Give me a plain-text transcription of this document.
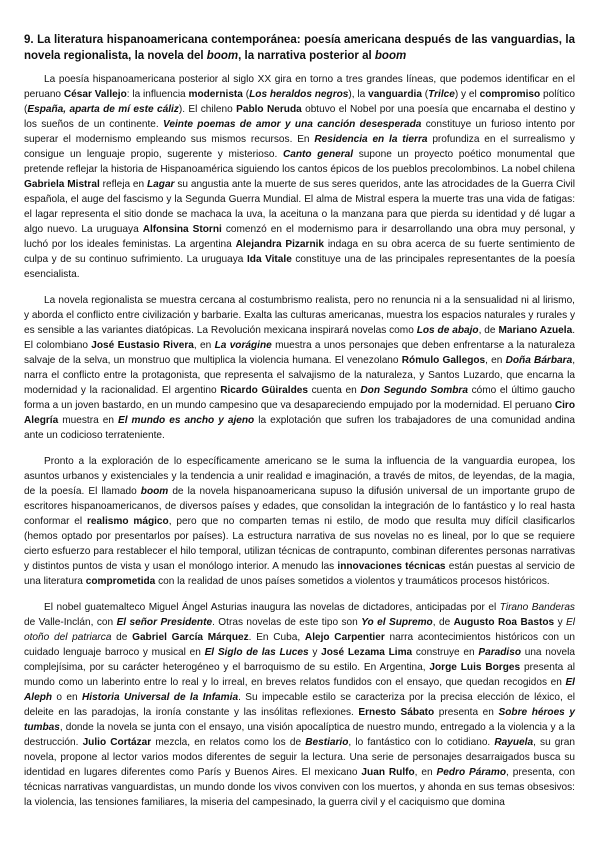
9. La literatura hispanoamericana contemporánea: poesía americana después de las vanguardias, la novela regionalista, la novela del boom, la narrativa posterior al boom

La poesía hispanoamericana posterior al siglo XX gira en torno a tres grandes líneas, que podemos identificar en el peruano César Vallejo: la influencia modernista (Los heraldos negros), la vanguardia (Trilce) y el compromiso político (España, aparta de mí este cáliz). El chileno Pablo Neruda obtuvo el Nobel por una poesía que encarnaba el destino y los sueños de un continente. Veinte poemas de amor y una canción desesperada constituye un furioso intento por superar el modernismo empleando sus mismos recursos. En Residencia en la tierra profundiza en el surrealismo y consigue un lenguaje propio, sugerente y misterioso. Canto general supone un proyecto poético monumental que pretende reflejar la historia de Hispanoamérica siguiendo los cantos épicos de los pueblos precolombinos. La nobel chilena Gabriela Mistral refleja en Lagar su angustia ante la muerte de sus seres queridos, ante las atrocidades de la Guerra Civil española, el auge del fascismo y la Segunda Guerra Mundial. El alma de Mistral espera la muerte tras una vida de fatigas: el lagar representa el sitio donde se machaca la uva, la aceituna o la manzana para que pierda su identidad y dé lugar a algo nuevo. La uruguaya Alfonsina Storni comenzó en el modernismo para ir desarrollando una obra muy personal, y luchó por los ideales feministas. La argentina Alejandra Pizarnik indaga en su obra acerca de su fuerte sentimiento de culpa y de su continuo sufrimiento. La uruguaya Ida Vitale constituye una de las principales representantes de la poesía esencialista.

La novela regionalista se muestra cercana al costumbrismo realista, pero no renuncia ni a la sensualidad ni al lirismo, y aborda el conflicto entre civilización y barbarie. Exalta las culturas americanas, muestra los espacios naturales y rurales y es sensible a las variantes diatópicas. La Revolución mexicana inspirará novelas como Los de abajo, de Mariano Azuela. El colombiano José Eustasio Rivera, en La vorágine muestra a unos personajes que deben enfrentarse a la naturaleza salvaje de la selva, un monstruo que multiplica la violencia humana. El venezolano Rómulo Gallegos, en Doña Bárbara, narra el conflicto entre la protagonista, que representa el salvajismo de la naturaleza, y Santos Luzardo, que encarna la modernidad y la racionalidad. El argentino Ricardo Güiraldes cuenta en Don Segundo Sombra cómo el último gaucho forma a un joven bastardo, en un mundo campesino que va desapareciendo empujado por la modernidad. El peruano Ciro Alegría muestra en El mundo es ancho y ajeno la explotación que sufren los trabajadores de una comunidad andina ante un codicioso terrateniente.

Pronto a la exploración de lo específicamente americano se le suma la influencia de la vanguardia europea, los asuntos urbanos y existenciales y la tendencia a unir realidad e imaginación, a través de mitos, de leyendas, de la magia, de la poesía. El llamado boom de la novela hispanoamericana supuso la difusión universal de un importante grupo de escritores hispanoamericanos, de diversos países y edades, que consolidan la integración de lo fantástico y lo real hasta conformar el realismo mágico, pero que no comparten temas ni estilo, de modo que resulta muy difícil clasificarlos (hemos optado por presentarlos por países). La estructura narrativa de sus novelas no es lineal, por lo que se requiere cierto esfuerzo para restablecer el hilo temporal, utilizan técnicas de contrapunto, combinan diferentes personas narrativas y distintos puntos de vista y usan el monólogo interior. A menudo las innovaciones técnicas están puestas al servicio de una literatura comprometida con la realidad de unos países sometidos a violentos y traumáticos procesos históricos.

El nobel guatemalteco Miguel Ángel Asturias inaugura las novelas de dictadores, anticipadas por el Tirano Banderas de Valle-Inclán, con El señor Presidente. Otras novelas de este tipo son Yo el Supremo, de Augusto Roa Bastos y El otoño del patriarca de Gabriel García Márquez. En Cuba, Alejo Carpentier narra acontecimientos históricos con un cuidado lenguaje barroco y musical en El Siglo de las Luces y José Lezama Lima construye en Paradiso una novela complejísima, por su carácter heterogéneo y el barroquismo de su estilo. En Argentina, Jorge Luis Borges presenta al mundo como un laberinto entre lo real y lo irreal, en breves relatos fundidos con el ensayo, que quedan recogidos en El Aleph o en Historia Universal de la Infamia. Su impecable estilo se caracteriza por la precisa elección de léxico, el deleite en las paradojas, la ironía constante y las insólitas reflexiones. Ernesto Sábato presenta en Sobre héroes y tumbas, donde la novela se junta con el ensayo, una visión apocalíptica de nuestro mundo, entregado a la violencia y a la destrucción. Julio Cortázar mezcla, en relatos como los de Bestiario, lo fantástico con lo cotidiano. Rayuela, su gran novela, propone al lector varios modos diferentes de seguir la lectura. Una serie de personajes desarraigados busca su identidad en lugares diferentes como París y Buenos Aires. El mexicano Juan Rulfo, en Pedro Páramo, presenta, con técnicas narrativas vanguardistas, un mundo donde los vivos conviven con los muertos, y ahonda en sus temas obsesivos: la violencia, las tensiones familiares, la miseria del campesinado, la guerra civil y el caciquismo que domina
